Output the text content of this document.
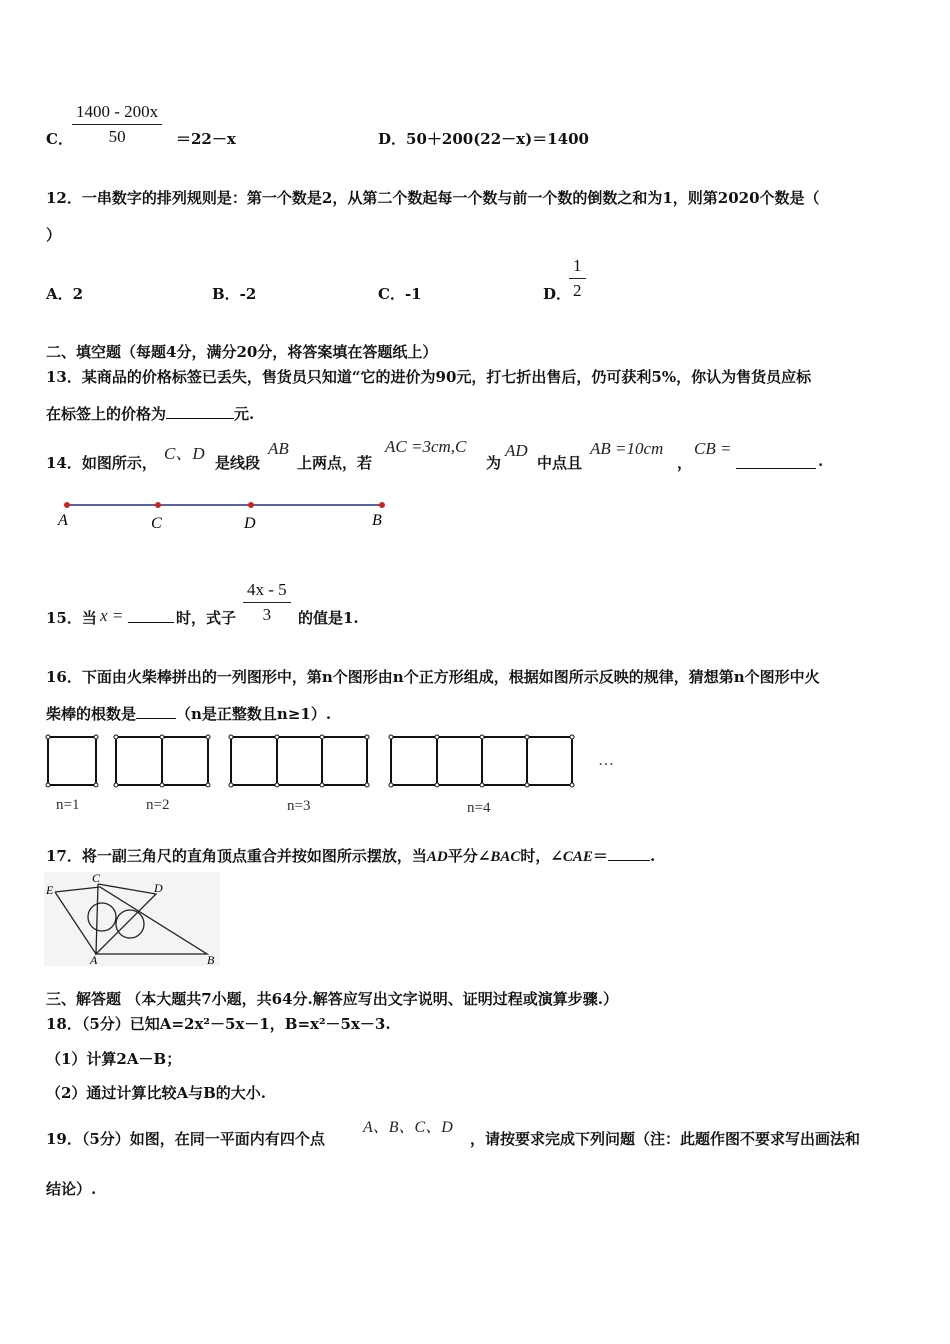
C． $\frac{1400 - 200x}{50} =22-x$	D．50＋200(22－x)＝1400
12．一串数字的排列规则是：第一个数是2，从第二个数起每一个数与前一个数的倒数之和为1，则第2020个数是（
）
A．2	B．-2	C．-1	D．
$\frac{1}{2}$
二、填空题（每题4分，满分20分，将答案填在答题纸上）
13．某商品的价格标签已丢失，售货员只知道“它的进价为90元，打七折出售后，仍可获利5%，你认为售货员应标
在标签上的价格为	元.
14．如图所示， C、D 是线段
AB
上两点，若
AC =3cm,C
为
AD
中点且
AB =10cm
，
CB =
.
A	C	D	B
15．当 x =	时，式子 $\frac{4x - 5}{3}$ 的值是1.
16．下面由火柴棒拼出的一列图形中，第n个图形由n个正方形组成，根据如图所示反映的规律，猜想第n个图形中火
柴棒的根数是	（n是正整数且n≥1）.
n=1	n=2	n=3	n=4
…
17．将一副三角尺的直角顶点重合并按如图所示摆放，当AD平分∠BAC时，∠CAE＝	.
E
C
D
A	B
三、解答题 （本大题共7小题，共64分.解答应写出文字说明、证明过程或演算步骤.）
18．（5分）已知A=2x²－5x－1，B=x²－5x－3.
（1）计算2A－B；
（2）通过计算比较A与B的大小.
19．（5分）如图，在同一平面内有四个点
A、B、C、D
，请按要求完成下列问题（注：此题作图不要求写出画法和
结论）.
